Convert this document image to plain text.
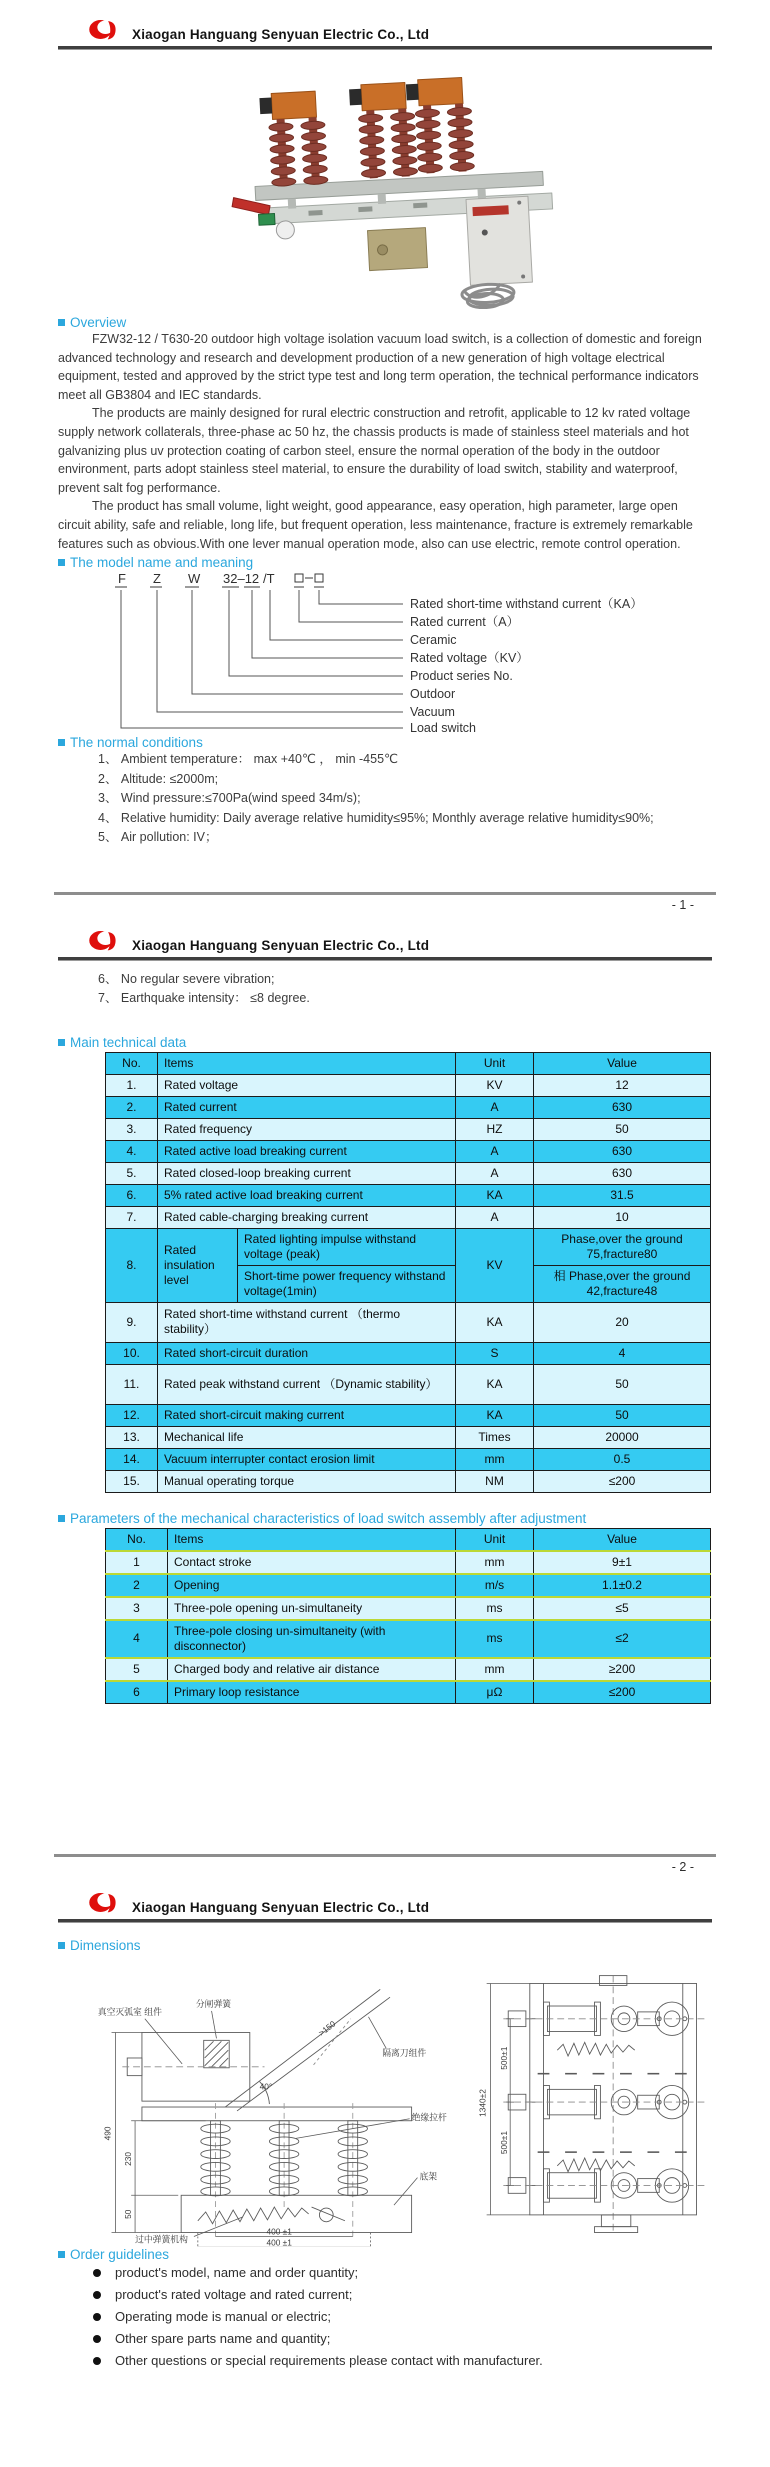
Xiaogan Hanguang Senyuan Electric Co., Ltd
Overview
FZW32-12 / T630-20 outdoor high voltage isolation vacuum load switch, is a collection of domestic and foreign advanced technology and research and development production of a new generation of high voltage electrical equipment, tested and approved by the strict type test and long term operation, the technical performance indicators meet all GB3804 and IEC standards.
The products are mainly designed for rural electric construction and retrofit, applicable to 12 kv rated voltage supply network collaterals, three-phase ac 50 hz, the chassis products is made of stainless steel materials and hot galvanizing plus uv protection coating of carbon steel, ensure the normal operation of the body in the outdoor environment, parts adopt stainless steel material, to ensure the durability of load switch, stability and waterproof, prevent salt fog performance.
The product has small volume, light weight, good appearance, easy operation, high parameter, large open circuit ability, safe and reliable, long life, but frequent operation, less maintenance, fracture is extremely remarkable features such as obvious.With one lever manual operation mode, also can use electric, remote control operation.
The model name and meaning
F Z W 32–12 /T
Rated short-time withstand current（KA）
Rated current（A）
Ceramic
Rated voltage（KV）
Product series No.
Outdoor
Vacuum
Load switch
The normal conditions
1、 Ambient temperature： max +40℃ ， min -455℃
2、 Altitude: ≤2000m;
3、 Wind pressure:≤700Pa(wind speed 34m/s);
4、 Relative humidity: Daily average relative humidity≤95%; Monthly average relative humidity≤90%;
5、 Air pollution: IV；
- 1 -
Xiaogan Hanguang Senyuan Electric Co., Ltd
6、 No regular severe vibration;
7、 Earthquake intensity： ≤8 degree.
Main technical data
No.	Items		Unit	Value
1.	Rated voltage		KV	12
2.	Rated current		A	630
3.	Rated frequency		HZ	50
4.	Rated active load breaking current		A	630
5.	Rated closed-loop breaking current		A	630
6.	5% rated active load breaking current		KA	31.5
7.	Rated cable-charging breaking current		A	10
8.	Rated insulation level	Rated lighting impulse withstand voltage (peak)	KV	Phase,over the ground 75,fracture80
		Short-time power frequency withstand voltage(1min)		相 Phase,over the ground 42,fracture48
9.	Rated short-time withstand current （thermo stability）		KA	20
10.	Rated short-circuit duration		S	4
11.	Rated peak withstand current （Dynamic stability）		KA	50
12.	Rated short-circuit making current		KA	50
13.	Mechanical life		Times	20000
14.	Vacuum interrupter contact erosion limit		mm	0.5
15.	Manual operating torque		NM	≤200
Parameters of the mechanical characteristics of load switch assembly after adjustment
No.	Items	Unit	Value
1	Contact stroke	mm	9±1
2	Opening	m/s	1.1±0.2
3	Three-pole opening un-simultaneity	ms	≤5
4	Three-pole closing un-simultaneity (with disconnector)	ms	≤2
5	Charged body and relative air distance	mm	≥200
6	Primary loop resistance	μΩ	≤200
- 2 -
Xiaogan Hanguang Senyuan Electric Co., Ltd
Dimensions
真空灭弧室 组件
分闸弹簧
隔离刀组件
绝缘拉杆
底架
过中弹簧机构
40°
>150
490
230
50
400 ±1
400 ±1
1340±2
500±1
500±1
Order guidelines
product's model, name and order quantity;
product's rated voltage and rated current;
Operating mode is manual or electric;
Other spare parts name and quantity;
Other questions or special requirements please contact with manufacturer.
